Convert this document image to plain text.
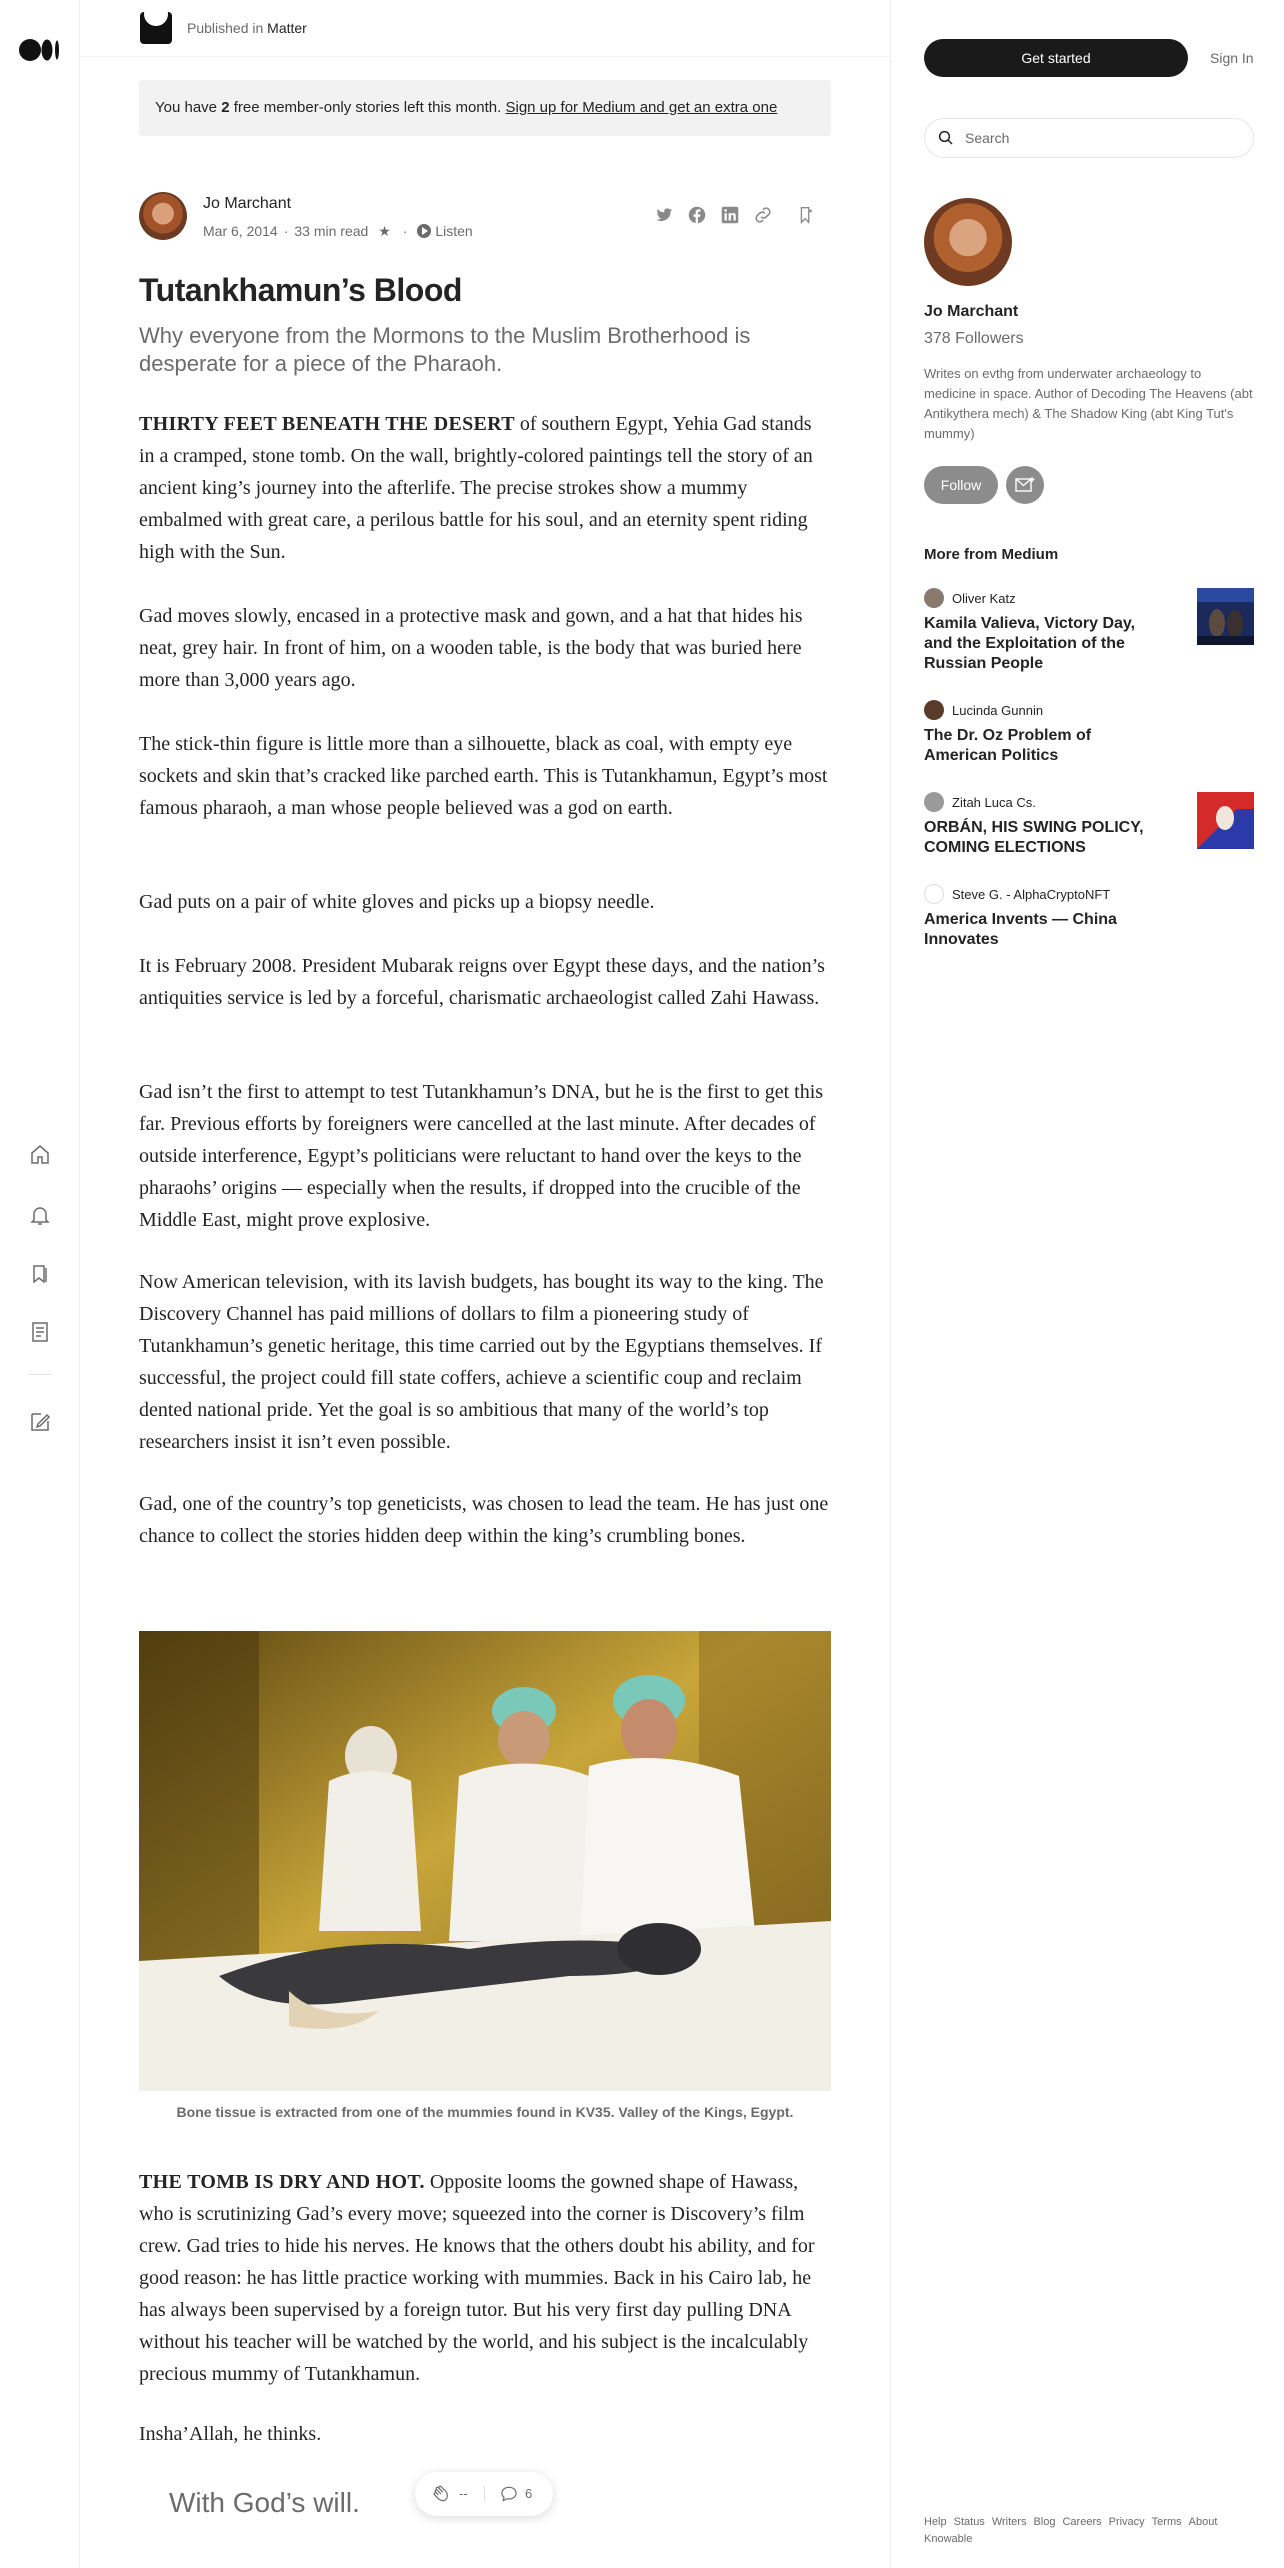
Published in Matter
You have 2 free member-only stories left this month. Sign up for Medium and get an extra one
Jo Marchant
Mar 6, 2014 · 33 min read ★ · Listen
Tutankhamun’s Blood
Why everyone from the Mormons to the Muslim Brotherhood is desperate for a piece of the Pharaoh.

THIRTY FEET BENEATH THE DESERT of southern Egypt, Yehia Gad stands in a cramped, stone tomb. On the wall, brightly-colored paintings tell the story of an ancient king’s journey into the afterlife. The precise strokes show a mummy embalmed with great care, a perilous battle for his soul, and an eternity spent riding high with the Sun.

Gad moves slowly, encased in a protective mask and gown, and a hat that hides his neat, grey hair. In front of him, on a wooden table, is the body that was buried here more than 3,000 years ago.

The stick-thin figure is little more than a silhouette, black as coal, with empty eye sockets and skin that’s cracked like parched earth. This is Tutankhamun, Egypt’s most famous pharaoh, a man whose people believed was a god on earth.

Gad puts on a pair of white gloves and picks up a biopsy needle.

It is February 2008. President Mubarak reigns over Egypt these days, and the nation’s antiquities service is led by a forceful, charismatic archaeologist called Zahi Hawass.

Gad isn’t the first to attempt to test Tutankhamun’s DNA, but he is the first to get this far. Previous efforts by foreigners were cancelled at the last minute. After decades of outside interference, Egypt’s politicians were reluctant to hand over the keys to the pharaohs’ origins — especially when the results, if dropped into the crucible of the Middle East, might prove explosive.

Now American television, with its lavish budgets, has bought its way to the king. The Discovery Channel has paid millions of dollars to film a pioneering study of Tutankhamun’s genetic heritage, this time carried out by the Egyptians themselves. If successful, the project could fill state coffers, achieve a scientific coup and reclaim dented national pride. Yet the goal is so ambitious that many of the world’s top researchers insist it isn’t even possible.

Gad, one of the country’s top geneticists, was chosen to lead the team. He has just one chance to collect the stories hidden deep within the king’s crumbling bones.

Bone tissue is extracted from one of the mummies found in KV35. Valley of the Kings, Egypt.

THE TOMB IS DRY AND HOT. Opposite looms the gowned shape of Hawass, who is scrutinizing Gad’s every move; squeezed into the corner is Discovery’s film crew. Gad tries to hide his nerves. He knows that the others doubt his ability, and for good reason: he has little practice working with mummies. Back in his Cairo lab, he has always been supervised by a foreign tutor. But his very first day pulling DNA without his teacher will be watched by the world, and his subject is the incalculably precious mummy of Tutankhamun.

Insha’Allah, he thinks.

With God’s will.	--	6
Get started	Sign In
Search
Jo Marchant
378 Followers
Writes on evthg from underwater archaeology to medicine in space. Author of Decoding The Heavens (abt Antikythera mech) & The Shadow King (abt King Tut's mummy)
Follow
More from Medium
Oliver Katz
Kamila Valieva, Victory Day, and the Exploitation of the Russian People
Lucinda Gunnin
The Dr. Oz Problem of American Politics
Zitah Luca Cs.
ORBÁN, HIS SWING POLICY, COMING ELECTIONS
Steve G. - AlphaCryptoNFT
America Invents — China Innovates
Help Status Writers Blog Careers Privacy Terms About
Knowable
